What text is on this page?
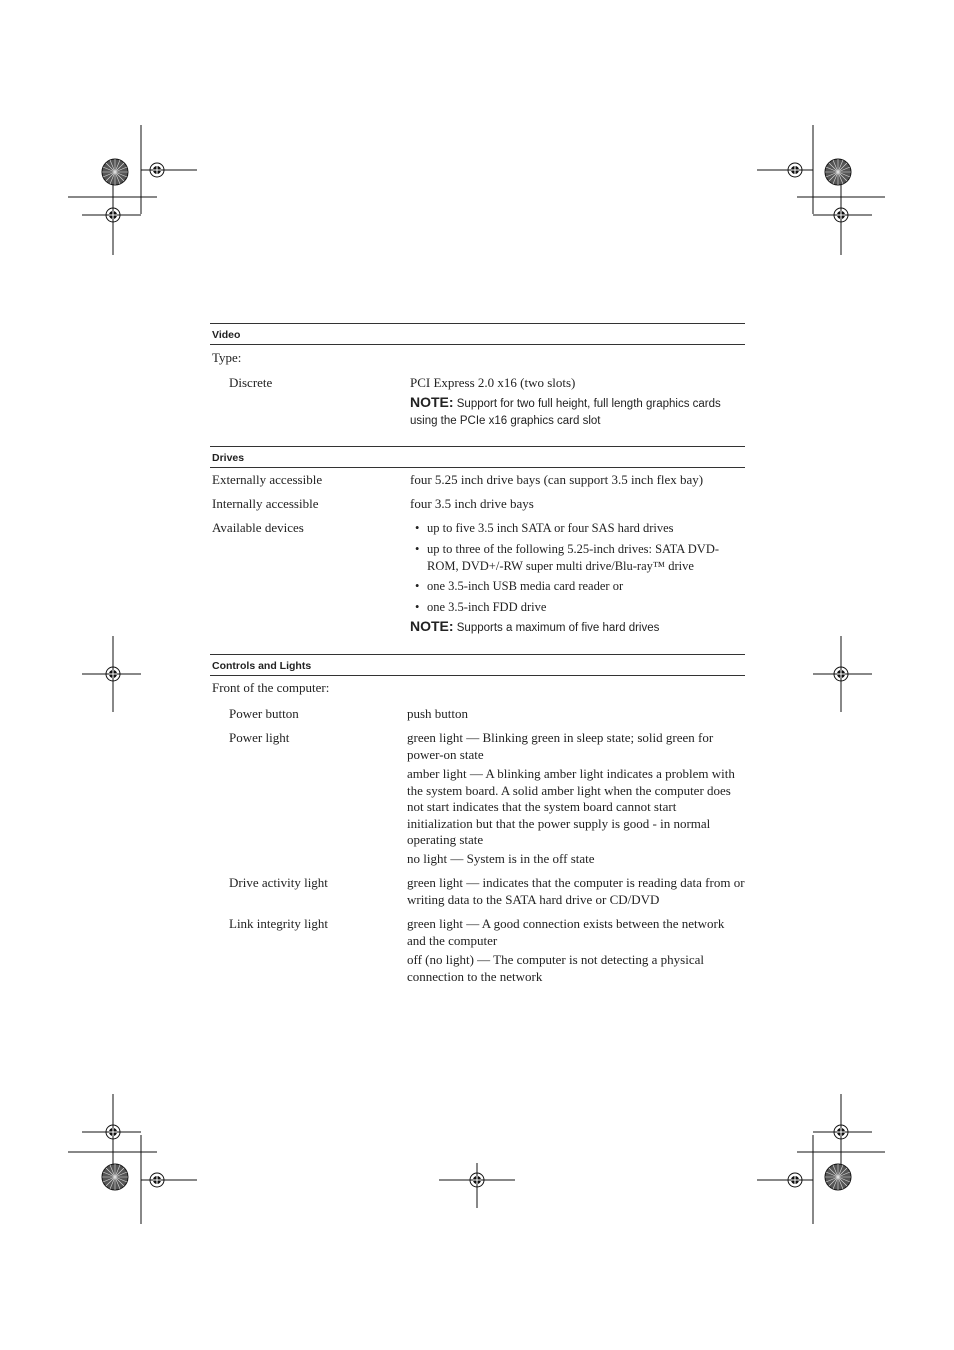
Video
Type:
Discrete	PCI Express 2.0 x16 (two slots)
NOTE: Support for two full height, full length graphics cards using the PCIe x16 graphics card slot
Drives
Externally accessible	four 5.25 inch drive bays (can support 3.5 inch flex bay)
Internally accessible	four 3.5 inch drive bays
Available devices	• up to five 3.5 inch SATA or four SAS hard drives
• up to three of the following 5.25-inch drives: SATA DVD-ROM, DVD+/-RW super multi drive/Blu-ray™ drive
• one 3.5-inch USB media card reader or
• one 3.5-inch FDD drive
NOTE: Supports a maximum of five hard drives
Controls and Lights
Front of the computer:
Power button	push button
Power light	green light — Blinking green in sleep state; solid green for power-on state
amber light — A blinking amber light indicates a problem with the system board. A solid amber light when the computer does not start indicates that the system board cannot start initialization but that the power supply is good - in normal operating state
no light — System is in the off state
Drive activity light	green light — indicates that the computer is reading data from or writing data to the SATA hard drive or CD/DVD
Link integrity light	green light — A good connection exists between the network and the computer
off (no light) — The computer is not detecting a physical connection to the network
